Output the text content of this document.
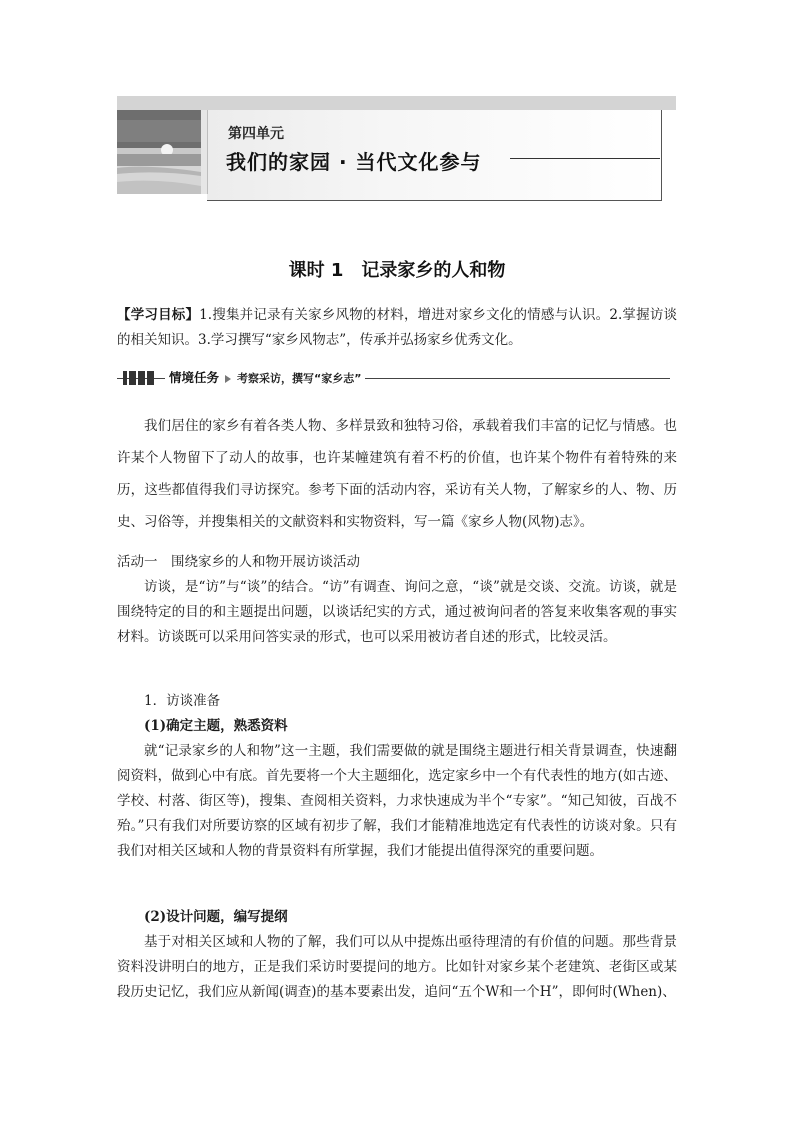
第四单元
我们的家园 · 当代文化参与
课时 1　记录家乡的人和物
【学习目标】1.搜集并记录有关家乡风物的材料，增进对家乡文化的情感与认识。2.掌握访谈的相关知识。3.学习撰写“家乡风物志”，传承并弘扬家乡优秀文化。
情境任务 考察采访，撰写“家乡志”
我们居住的家乡有着各类人物、多样景致和独特习俗，承载着我们丰富的记忆与情感。也许某个人物留下了动人的故事，也许某幢建筑有着不朽的价值，也许某个物件有着特殊的来历，这些都值得我们寻访探究。参考下面的活动内容，采访有关人物，了解家乡的人、物、历史、习俗等，并搜集相关的文献资料和实物资料，写一篇《家乡人物(风物)志》。
活动一　围绕家乡的人和物开展访谈活动
访谈，是“访”与“谈”的结合。“访”有调查、询问之意，“谈”就是交谈、交流。访谈，就是围绕特定的目的和主题提出问题，以谈话纪实的方式，通过被询问者的答复来收集客观的事实材料。访谈既可以采用问答实录的形式，也可以采用被访者自述的形式，比较灵活。
1．访谈准备
(1)确定主题，熟悉资料
就“记录家乡的人和物”这一主题，我们需要做的就是围绕主题进行相关背景调查，快速翻阅资料，做到心中有底。首先要将一个大主题细化，选定家乡中一个有代表性的地方(如古迹、学校、村落、街区等)，搜集、查阅相关资料，力求快速成为半个“专家”。“知己知彼，百战不殆。”只有我们对所要访察的区域有初步了解，我们才能精准地选定有代表性的访谈对象。只有我们对相关区域和人物的背景资料有所掌握，我们才能提出值得深究的重要问题。
(2)设计问题，编写提纲
基于对相关区域和人物的了解，我们可以从中提炼出亟待理清的有价值的问题。那些背景资料没讲明白的地方，正是我们采访时要提问的地方。比如针对家乡某个老建筑、老街区或某段历史记忆，我们应从新闻(调查)的基本要素出发，追问“五个W和一个H”，即何时(When)、
